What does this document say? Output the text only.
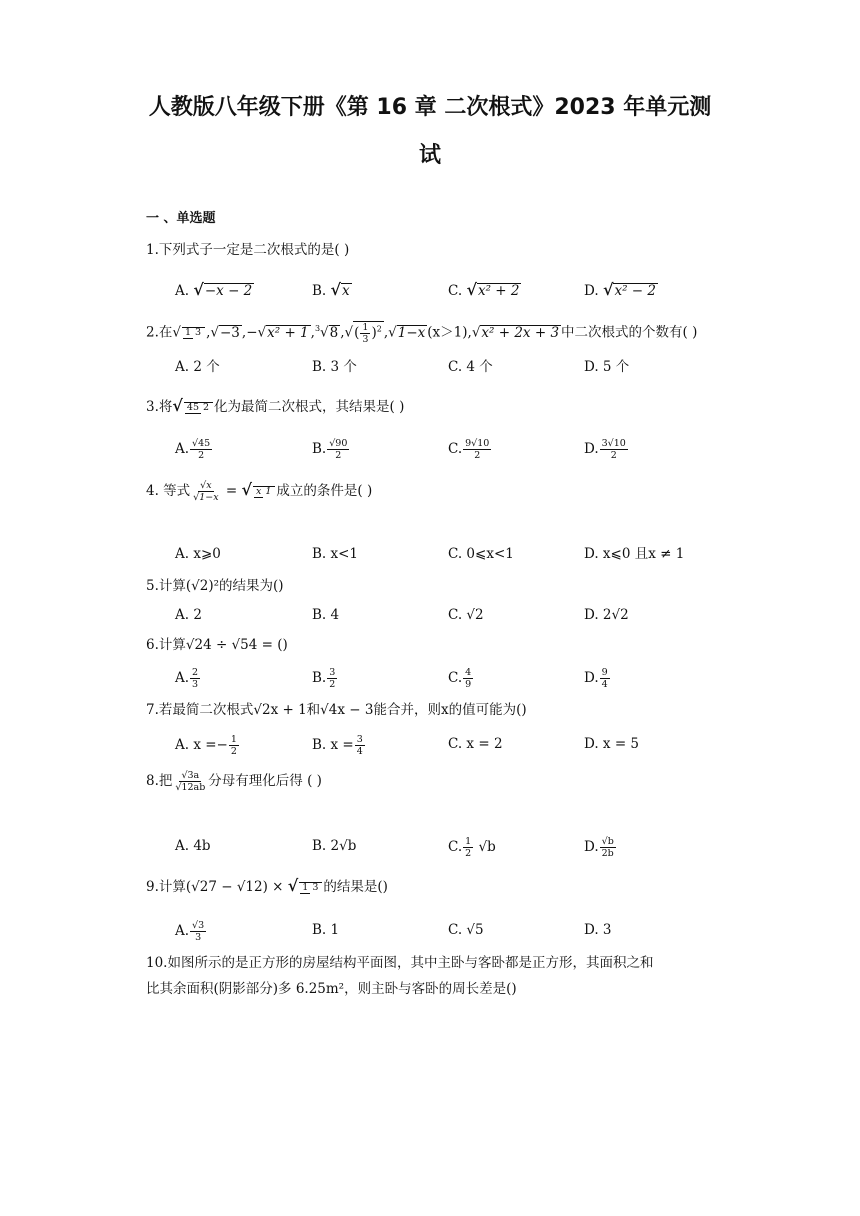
人教版八年级下册《第 16 章 二次根式》2023 年单元测
试
一 、单选题
1.下列式子一定是二次根式的是( )
A. √−x − 2	B. √x	C. √x² + 2	D. √x² − 2
2.在√ 1 3 ,√−3 ,−√x² + 1 ,$^3$√8 ,√( $\frac{1}{3} )^2$ ,√1−x (x＞1),√x² + 2x + 3 中二次根式的个数有( )
A. 2 个	B. 3 个	C. 4 个	D. 5 个
3.将√ 45 2 化为最简二次根式，其结果是( )
A. $\frac{√45}{2}$	B. $\frac{√90}{2}$	C. $\frac{9√10}{2}$	D. $\frac{3√10}{2}$
4. 等式 $\frac{√x}{√1-x}$ = √ x 1 成立的条件是( )
A. x⩾0	B. x<1	C. 0⩽x<1	D. x⩽0 且x ≠ 1
5.计算(√2)²的结果为()
A. 2	B. 4	C. √2	D. 2√2
6.计算√24 ÷ √54 = ()
A. $\frac{2}{3}$	B. $\frac{3}{2}$	C. $\frac{4}{9}$	D. $\frac{9}{4}$
7.若最简二次根式√2x + 1和√4x − 3能合并，则x的值可能为()
A. $x =- \frac{1}{2}$	B. $x = \frac{3}{4}$	C. x = 2	D. x = 5
8.把 $\frac{√3a}{√12ab}$ 分母有理化后得 ( )
A. 4b	B. 2√b	C. $\frac{1}{2} √b$	D. $\frac{√b}{2b}$
9.计算(√27 − √12) × √ 1 3 的结果是()
A. $\frac{√3}{3}$	B. 1	C. √5	D. 3
10.如图所示的是正方形的房屋结构平面图，其中主卧与客卧都是正方形，其面积之和
比其余面积(阴影部分)多 6.25m²，则主卧与客卧的周长差是()
